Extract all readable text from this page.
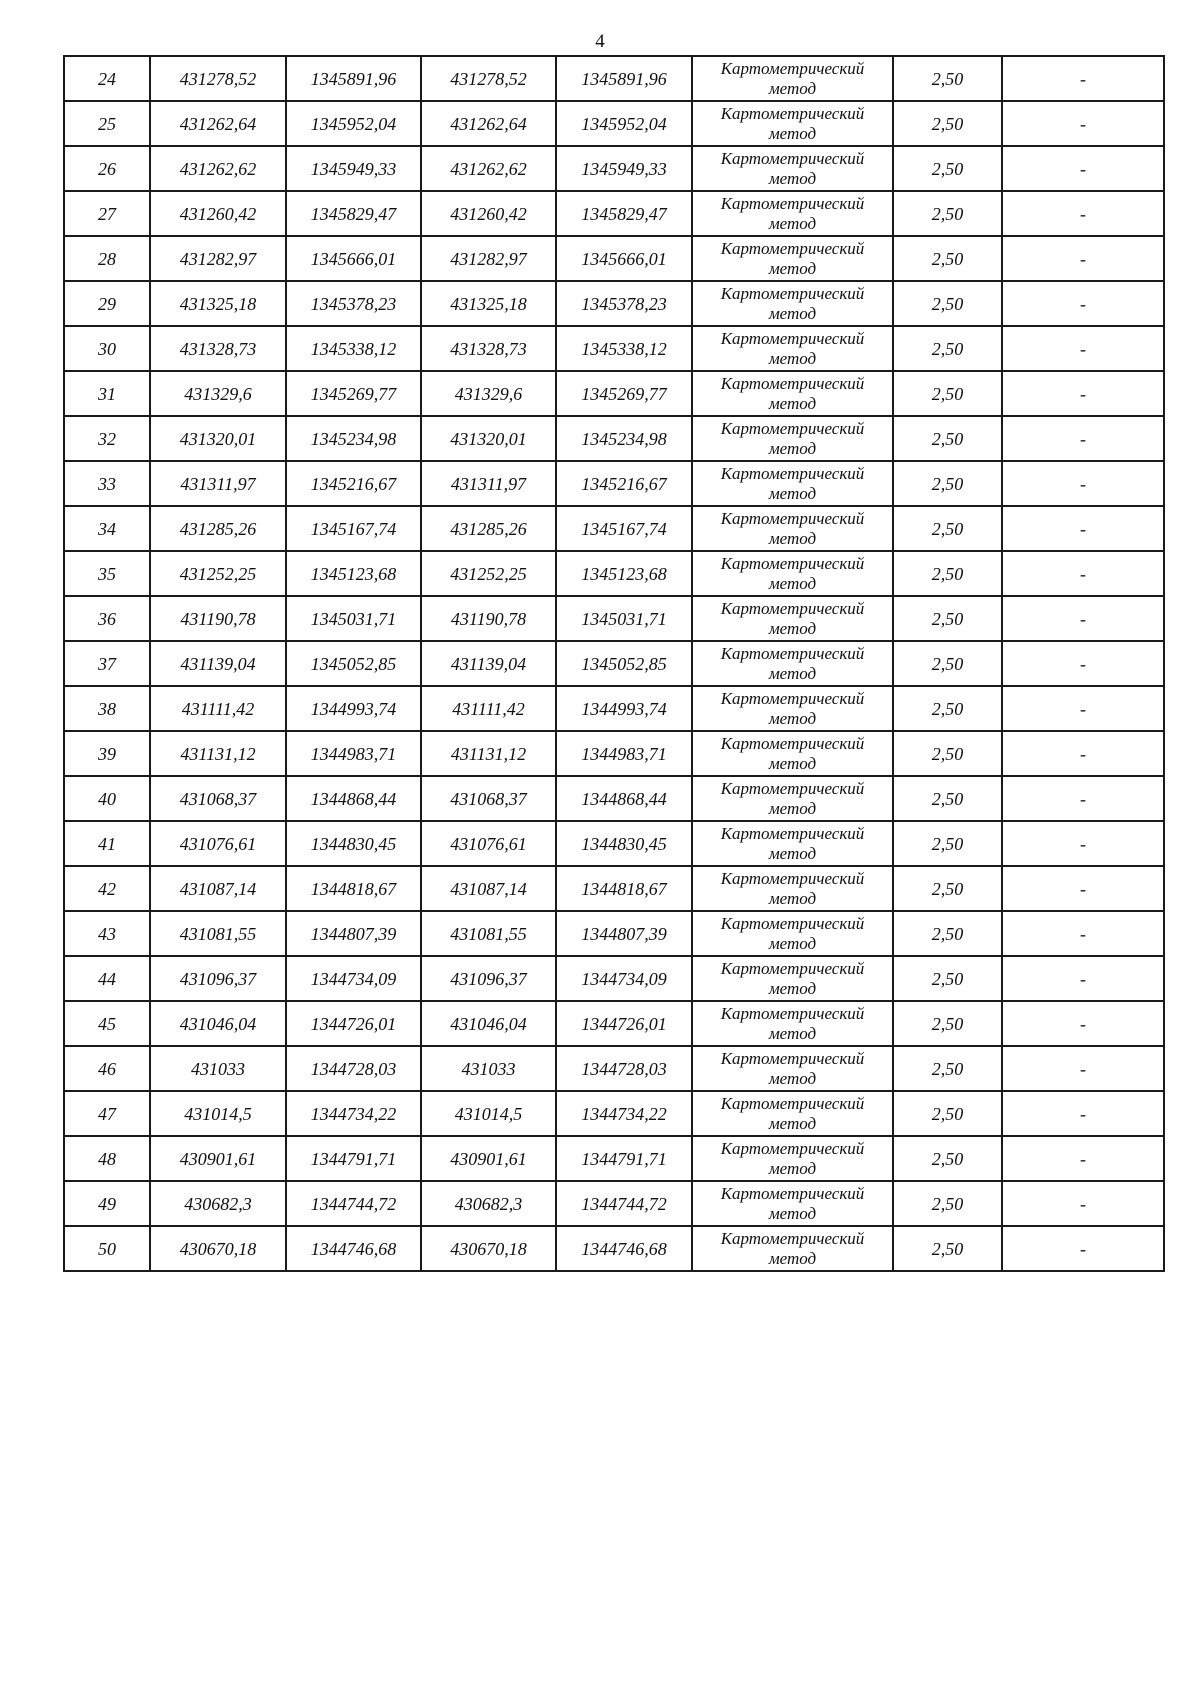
4
24	431278,52	1345891,96	431278,52	1345891,96	Картометрический
метод	2,50	-
25	431262,64	1345952,04	431262,64	1345952,04	Картометрический
метод	2,50	-
26	431262,62	1345949,33	431262,62	1345949,33	Картометрический
метод	2,50	-
27	431260,42	1345829,47	431260,42	1345829,47	Картометрический
метод	2,50	-
28	431282,97	1345666,01	431282,97	1345666,01	Картометрический
метод	2,50	-
29	431325,18	1345378,23	431325,18	1345378,23	Картометрический
метод	2,50	-
30	431328,73	1345338,12	431328,73	1345338,12	Картометрический
метод	2,50	-
31	431329,6	1345269,77	431329,6	1345269,77	Картометрический
метод	2,50	-
32	431320,01	1345234,98	431320,01	1345234,98	Картометрический
метод	2,50	-
33	431311,97	1345216,67	431311,97	1345216,67	Картометрический
метод	2,50	-
34	431285,26	1345167,74	431285,26	1345167,74	Картометрический
метод	2,50	-
35	431252,25	1345123,68	431252,25	1345123,68	Картометрический
метод	2,50	-
36	431190,78	1345031,71	431190,78	1345031,71	Картометрический
метод	2,50	-
37	431139,04	1345052,85	431139,04	1345052,85	Картометрический
метод	2,50	-
38	431111,42	1344993,74	431111,42	1344993,74	Картометрический
метод	2,50	-
39	431131,12	1344983,71	431131,12	1344983,71	Картометрический
метод	2,50	-
40	431068,37	1344868,44	431068,37	1344868,44	Картометрический
метод	2,50	-
41	431076,61	1344830,45	431076,61	1344830,45	Картометрический
метод	2,50	-
42	431087,14	1344818,67	431087,14	1344818,67	Картометрический
метод	2,50	-
43	431081,55	1344807,39	431081,55	1344807,39	Картометрический
метод	2,50	-
44	431096,37	1344734,09	431096,37	1344734,09	Картометрический
метод	2,50	-
45	431046,04	1344726,01	431046,04	1344726,01	Картометрический
метод	2,50	-
46	431033	1344728,03	431033	1344728,03	Картометрический
метод	2,50	-
47	431014,5	1344734,22	431014,5	1344734,22	Картометрический
метод	2,50	-
48	430901,61	1344791,71	430901,61	1344791,71	Картометрический
метод	2,50	-
49	430682,3	1344744,72	430682,3	1344744,72	Картометрический
метод	2,50	-
50	430670,18	1344746,68	430670,18	1344746,68	Картометрический
метод	2,50	-
